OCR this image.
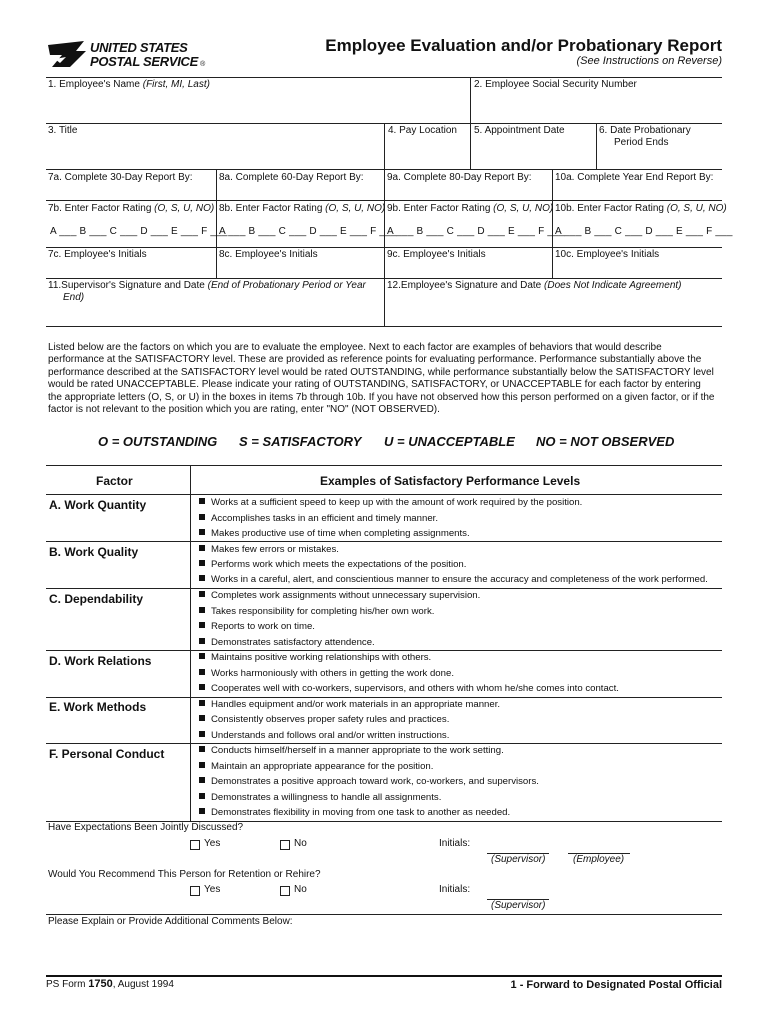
UNITED STATES
POSTAL SERVICE ®
Employee Evaluation and/or Probationary Report
(See Instructions on Reverse)
1. Employee's Name (First, MI, Last)	2. Employee Social Security Number
3. Title	4. Pay Location 5. Appointment Date	6. Date Probationary
Period Ends
7a. Complete 30-Day Report By:	8a. Complete 60-Day Report By: 9a. Complete 80-Day Report By: 10a. Complete Year End Report By:
7b. Enter Factor Rating (O, S, U, NO) 8b. Enter Factor Rating (O, S, U, NO) 9b. Enter Factor Rating (O, S, U, NO) 10b. Enter Factor Rating (O, S, U, NO)
A ___ B ___ C ___ D ___ E ___ F ___
A ___ B ___ C ___ D ___ E ___ F ___
A ___ B ___ C ___ D ___ E ___ F ___
A ___ B ___ C ___ D ___ E ___ F ___
7c. Employee's Initials	8c. Employee's Initials	9c. Employee's Initials	10c. Employee's Initials
11.Supervisor's Signature and Date (End of Probationary Period or Year
End)
12.Employee's Signature and Date (Does Not Indicate Agreement)
Listed below are the factors on which you are to evaluate the employee. Next to each factor are examples of behaviors that would describe
performance at the SATISFACTORY level. These are provided as reference points for evaluating performance. Performance substantially above the
performance described at the SATISFACTORY level would be rated OUTSTANDING, while performance substantially below the SATISFACTORY level
would be rated UNACCEPTABLE. Please indicate your rating of OUTSTANDING, SATISFACTORY, or UNACCEPTABLE for each factor by entering
the appropriate letters (O, S, or U) in the boxes in items 7b through 10b. If you have not observed how this person performed on a given factor, or if the
factor is not relevant to the position which you are rating, enter "NO" (NOT OBSERVED).
O = OUTSTANDING S = SATISFACTORY U = UNACCEPTABLE NO = NOT OBSERVED
Factor	Examples of Satisfactory Performance Levels
A. Work Quantity	Works at a sufficient speed to keep up with the amount of work required by the position.
Accomplishes tasks in an efficient and timely manner.
Makes productive use of time when completing assignments.
B. Work Quality	Makes few errors or mistakes.
Performs work which meets the expectations of the position.
Works in a careful, alert, and conscientious manner to ensure the accuracy and completeness of the work performed.
C. Dependability	Completes work assignments without unnecessary supervision.
Takes responsibility for completing his/her own work.
Reports to work on time.
Demonstrates satisfactory attendence.
D. Work Relations	Maintains positive working relationships with others.
Works harmoniously with others in getting the work done.
Cooperates well with co-workers, supervisors, and others with whom he/she comes into contact.
E. Work Methods	Handles equipment and/or work materials in an appropriate manner.
Consistently observes proper safety rules and practices.
Understands and follows oral and/or written instructions.
F. Personal Conduct	Conducts himself/herself in a manner appropriate to the work setting.
Maintain an appropriate appearance for the position.
Demonstrates a positive approach toward work, co-workers, and supervisors.
Demonstrates a willingness to handle all assignments.
Demonstrates flexibility in moving from one task to another as needed.
Have Expectations Been Jointly Discussed?
Yes	No	Initials:
(Supervisor)	(Employee)
Would You Recommend This Person for Retention or Rehire?
Yes	No	Initials:
(Supervisor)
Please Explain or Provide Additional Comments Below:
PS Form 1750, August 1994	1 - Forward to Designated Postal Official
